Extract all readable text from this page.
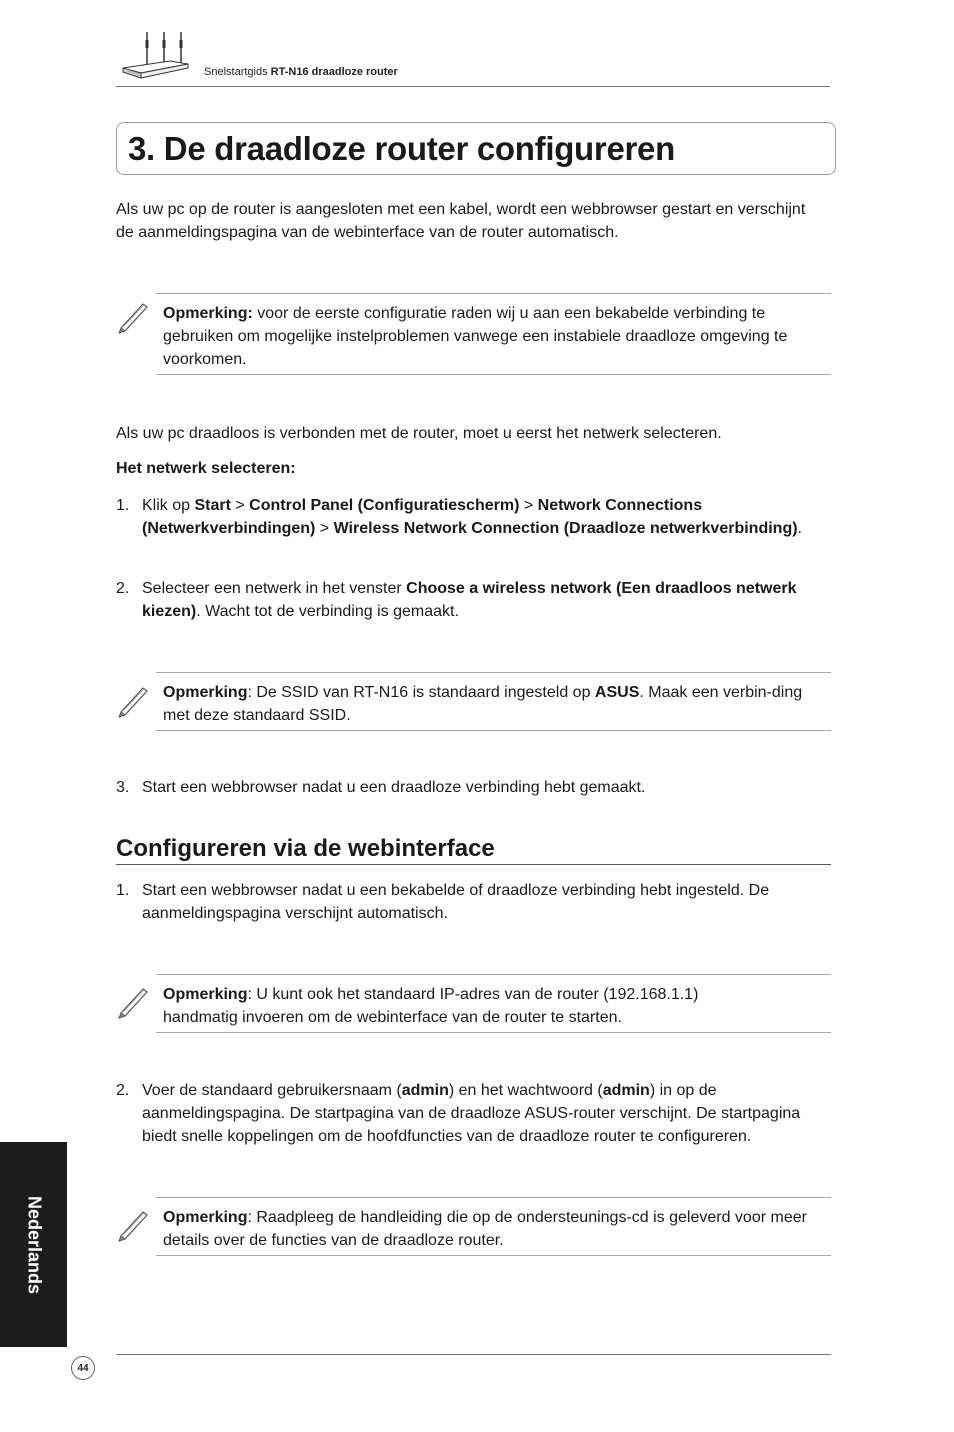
Snelstartgids RT-N16 draadloze router
3. De draadloze router configureren

Als uw pc op de router is aangesloten met een kabel, wordt een webbrowser gestart en verschijnt de aanmeldingspagina van de webinterface van de router automatisch.

Opmerking: voor de eerste configuratie raden wij u aan een bekabelde verbinding te gebruiken om mogelijke instelproblemen vanwege een instabiele draadloze omgeving te voorkomen.

Als uw pc draadloos is verbonden met de router, moet u eerst het netwerk selecteren.

Het netwerk selecteren:

1. Klik op Start > Control Panel (Configuratiescherm) > Network Connections (Netwerkverbindingen) > Wireless Network Connection (Draadloze netwerkverbinding).

2. Selecteer een netwerk in het venster Choose a wireless network (Een draadloos netwerk kiezen). Wacht tot de verbinding is gemaakt.

Opmerking: De SSID van RT-N16 is standaard ingesteld op ASUS. Maak een verbin-ding met deze standaard SSID.

3. Start een webbrowser nadat u een draadloze verbinding hebt gemaakt.

Configureren via de webinterface
1. Start een webbrowser nadat u een bekabelde of draadloze verbinding hebt ingesteld. De aanmeldingspagina verschijnt automatisch.

Opmerking: U kunt ook het standaard IP-adres van de router (192.168.1.1) handmatig invoeren om de webinterface van de router te starten.

2. Voer de standaard gebruikersnaam (admin) en het wachtwoord (admin) in op de aanmeldingspagina. De startpagina van de draadloze ASUS-router verschijnt. De startpagina biedt snelle koppelingen om de hoofdfuncties van de draadloze router te configureren.

Opmerking: Raadpleeg de handleiding die op de ondersteunings-cd is geleverd voor meer details over de functies van de draadloze router.

Nederlands
44
